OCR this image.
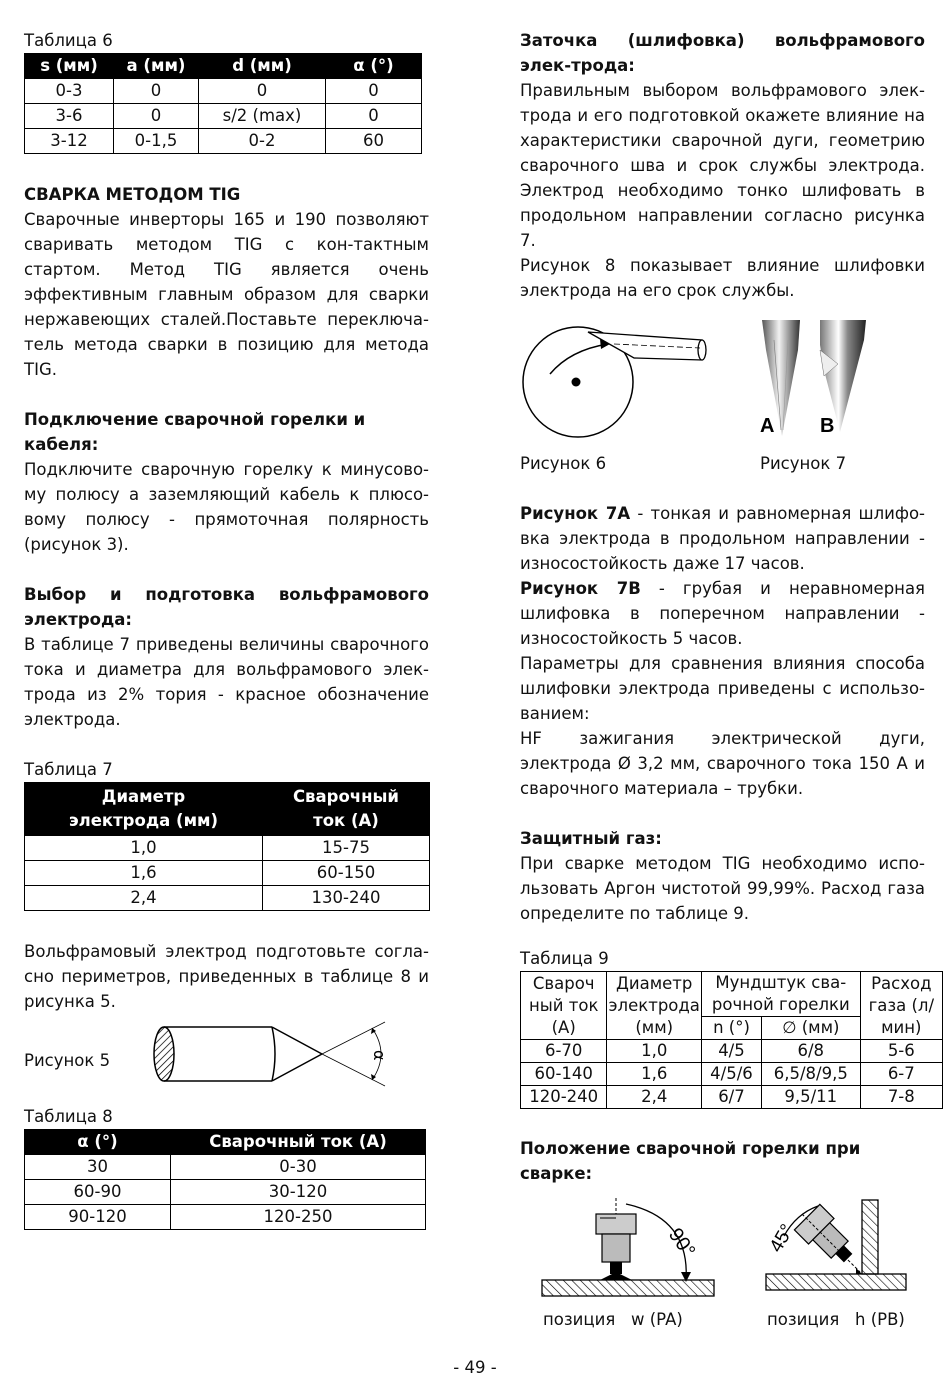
Таблица 6

s (мм)	a (мм)	d (мм)	α (°)
0-3	0	0	0
3-6	0	s/2 (max)	0
3-12	0-1,5	0-2	60

СВАРКА МЕТОДОМ TIG

Сварочные инверторы 165 и 190 позволяют сваривать методом TIG с кон-тактным стартом. Метод TIG является очень эффективным главным образом для сварки нержавеющих сталей.Поставьте переключа-тель метода сварки в позицию для метода TIG.

Подключение сварочной горелки и кабеля:

Подключите сварочную горелку к минусово-му полюсу а заземляющий кабель к плюсо-вому полюсу - прямоточная полярность (рисунок 3).

Выбор и подготовка вольфрамового электрода:

В таблице 7 приведены величины сварочного тока и диаметра для вольфрамового элек-трода из 2% тория - красное обозначение электрода.

Таблица 7

Диаметр электрода (мм)	Сварочный ток (А)
1,0	15-75
1,6	60-150
2,4	130-240

Вольфрамовый электрод подготовьте согла-сно периметров, приведенных в таблице 8 и рисунка 5.

Рисунок 5	α

Таблица 8

α (°)	Сварочный ток (А)
30	0-30
60-90	30-120
90-120	120-250

Заточка (шлифовка) вольфрамового элек-трода:

Правильным выбором вольфрамового элек-трода и его подготовкой окажете влияние на характеристики сварочной дуги, геометрию сварочного шва и срок службы электрода. Электрод необходимо тонко шлифовать в продольном направлении согласно рисунка 7.

Рисунок 8 показывает влияние шлифовки электрода на его срок службы.

A B
Рисунок 6	Рисунок 7

Рисунок 7А - тонкая и равномерная шлифо-вка электрода в продольном направлении - износостойкость даже 17 часов.

Рисунок 7В - грубая и неравномерная шлифовка в поперечном направлении - износостойкость 5 часов.

Параметры для сравнения влияния способа шлифовки электрода приведены с использо-ванием:

HF зажигания электрической дуги, электрода Ø 3,2 мм, сварочного тока 150 А и сварочного материала – трубки.

Защитный газ:

При сварке методом TIG необходимо испо-льзовать Аргон чистотой 99,99%. Расход газа определите по таблице 9.

Таблица 9

Свароч ный ток (А)	Диаметр электрода (мм)	Мундштук сва-рочной горелки		Расход газа (л/мин)
		n (°)	∅ (мм)	
6-70	1,0	4/5	6/8	5-6
60-140	1,6	4/5/6	6,5/8/9,5	6-7
120-240	2,4	6/7	9,5/11	7-8

Положение сварочной горелки при сварке:

90°	45°
позиция   w (PA)	позиция   h (PB)
- 49 -
